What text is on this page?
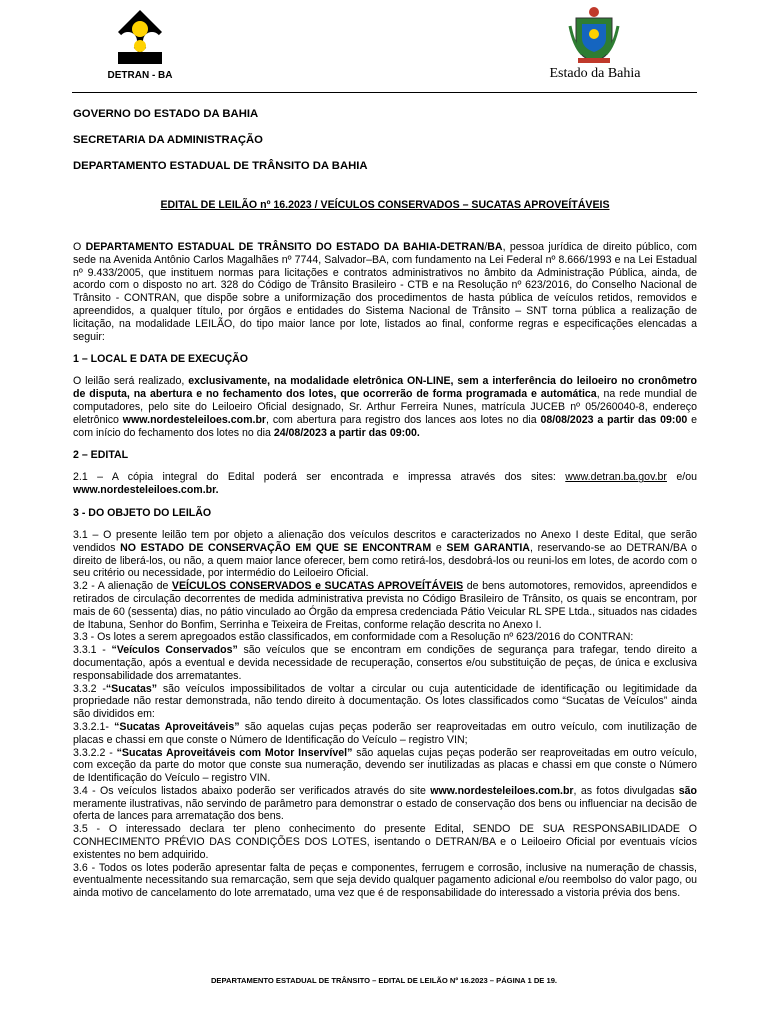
DETRAN - BA	Estado da Bahia
GOVERNO DO ESTADO DA BAHIA
SECRETARIA DA ADMINISTRAÇÃO
DEPARTAMENTO ESTADUAL DE TRÂNSITO DA BAHIA
EDITAL DE LEILÃO nº 16.2023 / VEÍCULOS CONSERVADOS – SUCATAS APROVEÍTÁVEIS

O DEPARTAMENTO ESTADUAL DE TRÂNSITO DO ESTADO DA BAHIA-DETRAN/BA, pessoa jurídica de direito público, com sede na Avenida Antônio Carlos Magalhães nº 7744, Salvador–BA, com fundamento na Lei Federal nº 8.666/1993 e na Lei Estadual nº 9.433/2005, que instituem normas para licitações e contratos administrativos no âmbito da Administração Pública, ainda, de acordo com o disposto no art. 328 do Código de Trânsito Brasileiro - CTB e na Resolução nº 623/2016, do Conselho Nacional de Trânsito - CONTRAN, que dispõe sobre a uniformização dos procedimentos de hasta pública de veículos retidos, removidos e apreendidos, a qualquer título, por órgãos e entidades do Sistema Nacional de Trânsito – SNT torna pública a realização de licitação, na modalidade LEILÃO, do tipo maior lance por lote, listados ao final, conforme regras e especificações elencadas a seguir:

1 – LOCAL E DATA DE EXECUÇÃO

O leilão será realizado, exclusivamente, na modalidade eletrônica ON-LINE, sem a interferência do leiloeiro no cronômetro de disputa, na abertura e no fechamento dos lotes, que ocorrerão de forma programada e automática, na rede mundial de computadores, pelo site do Leiloeiro Oficial designado, Sr. Arthur Ferreira Nunes, matrícula JUCEB nº 05/260040-8, endereço eletrônico www.nordesteleiloes.com.br, com abertura para registro dos lances aos lotes no dia 08/08/2023 a partir das 09:00 e com início do fechamento dos lotes no dia 24/08/2023 a partir das 09:00.

2 – EDITAL

2.1 – A cópia integral do Edital poderá ser encontrada e impressa através dos sites: www.detran.ba.gov.br e/ou www.nordesteleiloes.com.br.

3 - DO OBJETO DO LEILÃO

3.1 – O presente leilão tem por objeto a alienação dos veículos descritos e caracterizados no Anexo I deste Edital, que serão vendidos NO ESTADO DE CONSERVAÇÃO EM QUE SE ENCONTRAM e SEM GARANTIA, reservando-se ao DETRAN/BA o direito de liberá-los, ou não, a quem maior lance oferecer, bem como retirá-los, desdobrá-los ou reuni-los em lotes, de acordo com o seu critério ou necessidade, por intermédio do Leiloeiro Oficial.

3.2 - A alienação de VEÍCULOS CONSERVADOS e SUCATAS APROVEÍTÁVEIS de bens automotores, removidos, apreendidos e retirados de circulação decorrentes de medida administrativa prevista no Código Brasileiro de Trânsito, os quais se encontram, por mais de 60 (sessenta) dias, no pátio vinculado ao Órgão da empresa credenciada Pátio Veicular RL SPE Ltda., situados nas cidades de Itabuna, Senhor do Bonfim, Serrinha e Teixeira de Freitas, conforme relação descrita no Anexo I.

3.3 - Os lotes a serem apregoados estão classificados, em conformidade com a Resolução nº 623/2016 do CONTRAN:

3.3.1 - “Veículos Conservados” são veículos que se encontram em condições de segurança para trafegar, tendo direito a documentação, após a eventual e devida necessidade de recuperação, consertos e/ou substituição de peças, de única e exclusiva responsabilidade dos arrematantes.

3.3.2 -“Sucatas” são veículos impossibilitados de voltar a circular ou cuja autenticidade de identificação ou legitimidade da propriedade não restar demonstrada, não tendo direito à documentação. Os lotes classificados como “Sucatas de Veículos” ainda são divididos em:

3.3.2.1- “Sucatas Aproveitáveis” são aquelas cujas peças poderão ser reaproveitadas em outro veículo, com inutilização de placas e chassi em que conste o Número de Identificação do Veículo – registro VIN;

3.3.2.2 - “Sucatas Aproveitáveis com Motor Inservível” são aquelas cujas peças poderão ser reaproveitadas em outro veículo, com exceção da parte do motor que conste sua numeração, devendo ser inutilizadas as placas e chassi em que conste o Número de Identificação do Veículo – registro VIN.

3.4 - Os veículos listados abaixo poderão ser verificados através do site www.nordesteleiloes.com.br, as fotos divulgadas são meramente ilustrativas, não servindo de parâmetro para demonstrar o estado de conservação dos bens ou influenciar na decisão de oferta de lances para arrematação dos bens.

3.5 - O interessado declara ter pleno conhecimento do presente Edital, SENDO DE SUA RESPONSABILIDADE O CONHECIMENTO PRÉVIO DAS CONDIÇÕES DOS LOTES, isentando o DETRAN/BA e o Leiloeiro Oficial por eventuais vícios existentes no bem adquirido.

3.6 - Todos os lotes poderão apresentar falta de peças e componentes, ferrugem e corrosão, inclusive na numeração de chassis, eventualmente necessitando sua remarcação, sem que seja devido qualquer pagamento adicional e/ou reembolso do valor pago, ou ainda motivo de cancelamento do lote arrematado, uma vez que é de responsabilidade do interessado a vistoria prévia dos bens.

DEPARTAMENTO ESTADUAL DE TRÂNSITO – EDITAL DE LEILÃO Nº 16.2023 – PÁGINA 1 DE 19.
